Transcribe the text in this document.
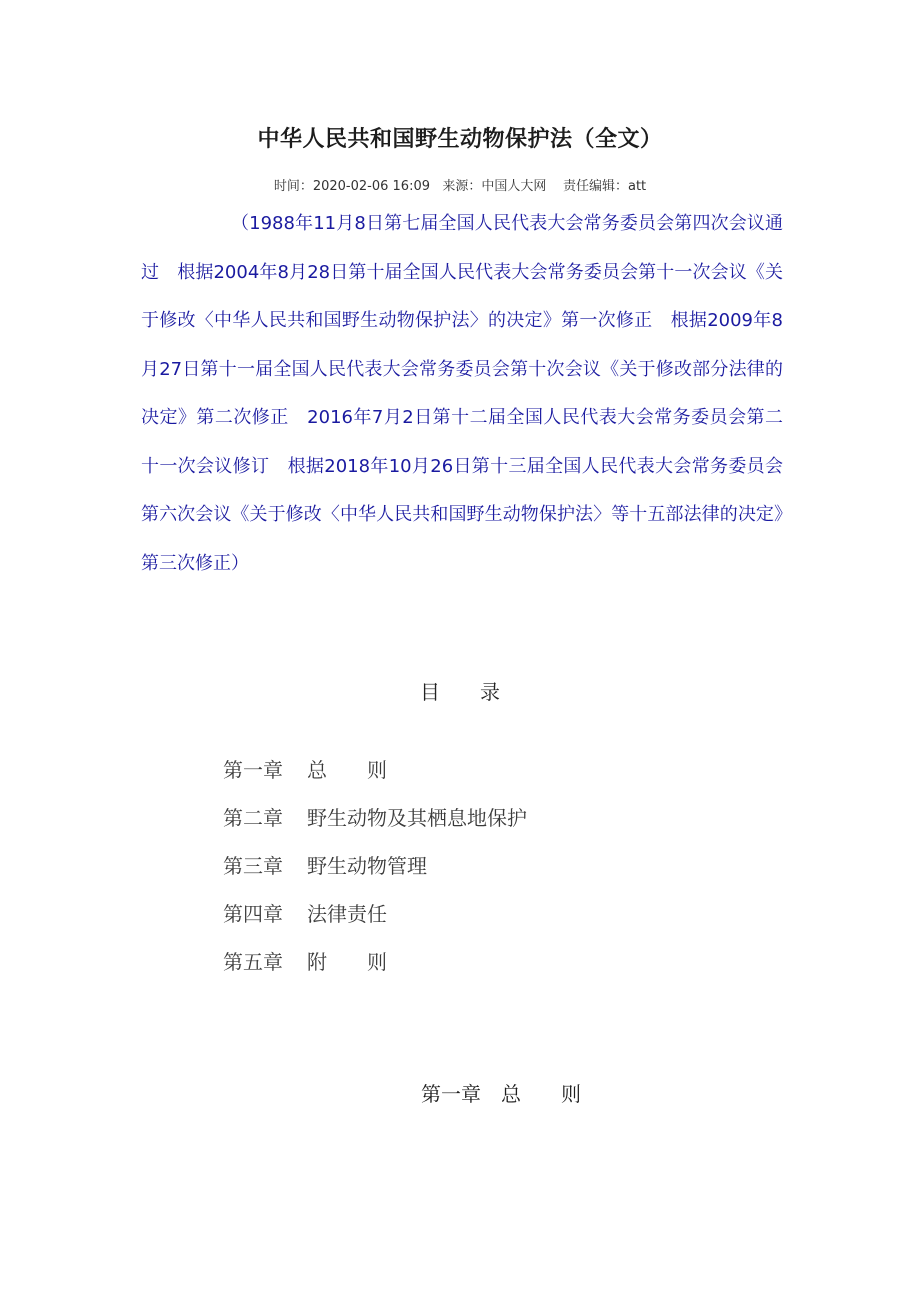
中华人民共和国野生动物保护法（全文）
时间：2020-02-06 16:09 来源：中国人大网 责任编辑：att
（1988年11月8日第七届全国人民代表大会常务委员会第四次会议通过　根据2004年8月28日第十届全国人民代表大会常务委员会第十一次会议《关于修改〈中华人民共和国野生动物保护法〉的决定》第一次修正　根据2009年8月27日第十一届全国人民代表大会常务委员会第十次会议《关于修改部分法律的决定》第二次修正　2016年7月2日第十二届全国人民代表大会常务委员会第二十一次会议修订　根据2018年10月26日第十三届全国人民代表大会常务委员会第六次会议《关于修改〈中华人民共和国野生动物保护法〉等十五部法律的决定》第三次修正）
目录
第一章 总　　则
第二章 野生动物及其栖息地保护
第三章 野生动物管理
第四章 法律责任
第五章 附　　则
第一章 总　　则
